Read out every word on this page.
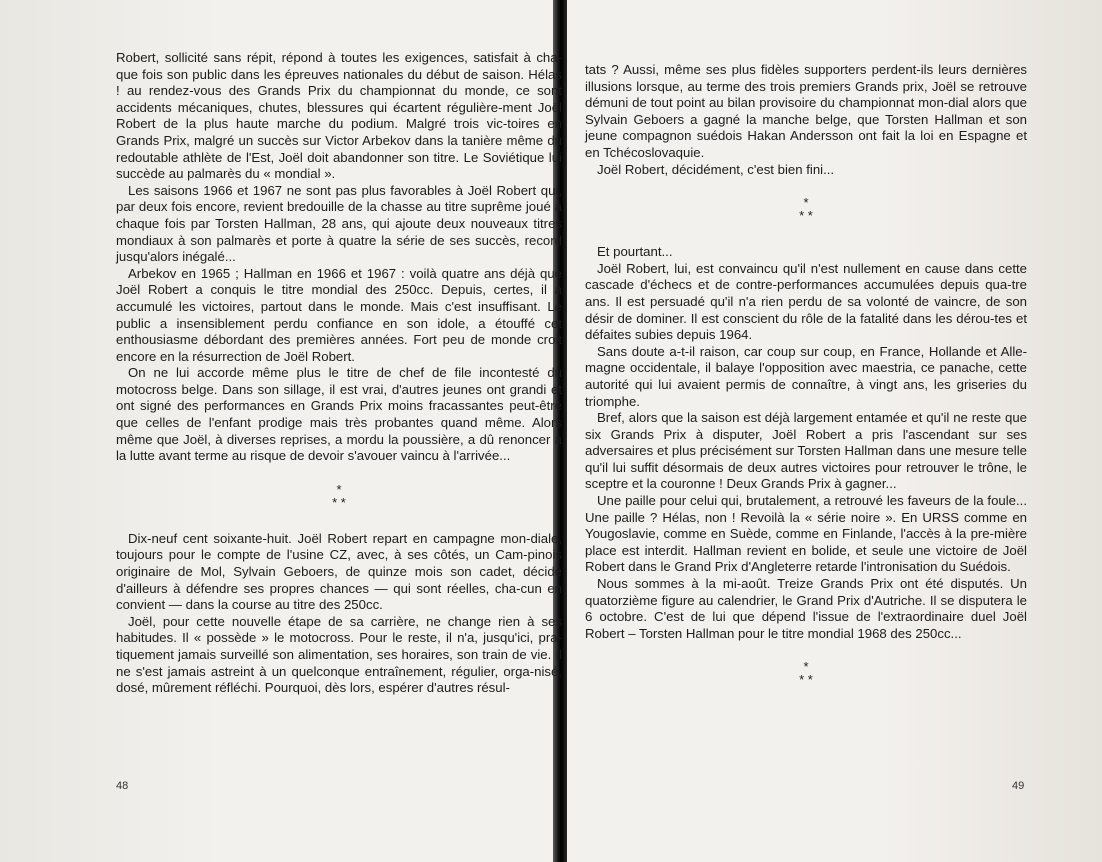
Robert, sollicité sans répit, répond à toutes les exigences, satisfait à cha-que fois son public dans les épreuves nationales du début de saison. Hélas ! au rendez-vous des Grands Prix du championnat du monde, ce sont accidents mécaniques, chutes, blessures qui écartent régulière-ment Joël Robert de la plus haute marche du podium. Malgré trois vic-toires en Grands Prix, malgré un succès sur Victor Arbekov dans la tanière même du redoutable athlète de l'Est, Joël doit abandonner son titre. Le Soviétique lui succède au palmarès du « mondial ».

Les saisons 1966 et 1967 ne sont pas plus favorables à Joël Robert qui, par deux fois encore, revient bredouille de la chasse au titre suprême joué à chaque fois par Torsten Hallman, 28 ans, qui ajoute deux nouveaux titres mondiaux à son palmarès et porte à quatre la série de ses succès, record jusqu'alors inégalé...

Arbekov en 1965 ; Hallman en 1966 et 1967 : voilà quatre ans déjà que Joël Robert a conquis le titre mondial des 250cc. Depuis, certes, il a accumulé les victoires, partout dans le monde. Mais c'est insuffisant. Le public a insensiblement perdu confiance en son idole, a étouffé cet enthousiasme débordant des premières années. Fort peu de monde croit encore en la résurrection de Joël Robert.

On ne lui accorde même plus le titre de chef de file incontesté du motocross belge. Dans son sillage, il est vrai, d'autres jeunes ont grandi et ont signé des performances en Grands Prix moins fracassantes peut-être que celles de l'enfant prodige mais très probantes quand même. Alors même que Joël, à diverses reprises, a mordu la poussière, a dû renoncer à la lutte avant terme au risque de devoir s'avouer vaincu à l'arrivée...

*
* *

Dix-neuf cent soixante-huit. Joël Robert repart en campagne mon-diale, toujours pour le compte de l'usine CZ, avec, à ses côtés, un Cam-pinois originaire de Mol, Sylvain Geboers, de quinze mois son cadet, décidé d'ailleurs à défendre ses propres chances — qui sont réelles, cha-cun en convient — dans la course au titre des 250cc.

Joël, pour cette nouvelle étape de sa carrière, ne change rien à ses habitudes. Il « possède » le motocross. Pour le reste, il n'a, jusqu'ici, pra-tiquement jamais surveillé son alimentation, ses horaires, son train de vie. Il ne s'est jamais astreint à un quelconque entraînement, régulier, orga-nisé, dosé, mûrement réfléchi. Pourquoi, dès lors, espérer d'autres résul-

tats ? Aussi, même ses plus fidèles supporters perdent-ils leurs dernières illusions lorsque, au terme des trois premiers Grands prix, Joël se retrouve démuni de tout point au bilan provisoire du championnat mon-dial alors que Sylvain Geboers a gagné la manche belge, que Torsten Hallman et son jeune compagnon suédois Hakan Andersson ont fait la loi en Espagne et en Tchécoslovaquie.

Joël Robert, décidément, c'est bien fini...

*
* *

Et pourtant...

Joël Robert, lui, est convaincu qu'il n'est nullement en cause dans cette cascade d'échecs et de contre-performances accumulées depuis qua-tre ans. Il est persuadé qu'il n'a rien perdu de sa volonté de vaincre, de son désir de dominer. Il est conscient du rôle de la fatalité dans les dérou-tes et défaites subies depuis 1964.

Sans doute a-t-il raison, car coup sur coup, en France, Hollande et Alle-magne occidentale, il balaye l'opposition avec maestria, ce panache, cette autorité qui lui avaient permis de connaître, à vingt ans, les griseries du triomphe.

Bref, alors que la saison est déjà largement entamée et qu'il ne reste que six Grands Prix à disputer, Joël Robert a pris l'ascendant sur ses adversaires et plus précisément sur Torsten Hallman dans une mesure telle qu'il lui suffit désormais de deux autres victoires pour retrouver le trône, le sceptre et la couronne ! Deux Grands Prix à gagner...

Une paille pour celui qui, brutalement, a retrouvé les faveurs de la foule... Une paille ? Hélas, non ! Revoilà la « série noire ». En URSS comme en Yougoslavie, comme en Suède, comme en Finlande, l'accès à la pre-mière place est interdit. Hallman revient en bolide, et seule une victoire de Joël Robert dans le Grand Prix d'Angleterre retarde l'intronisation du Suédois.

Nous sommes à la mi-août. Treize Grands Prix ont été disputés. Un quatorzième figure au calendrier, le Grand Prix d'Autriche. Il se disputera le 6 octobre. C'est de lui que dépend l'issue de l'extraordinaire duel Joël Robert – Torsten Hallman pour le titre mondial 1968 des 250cc...

*
* *
48	49
